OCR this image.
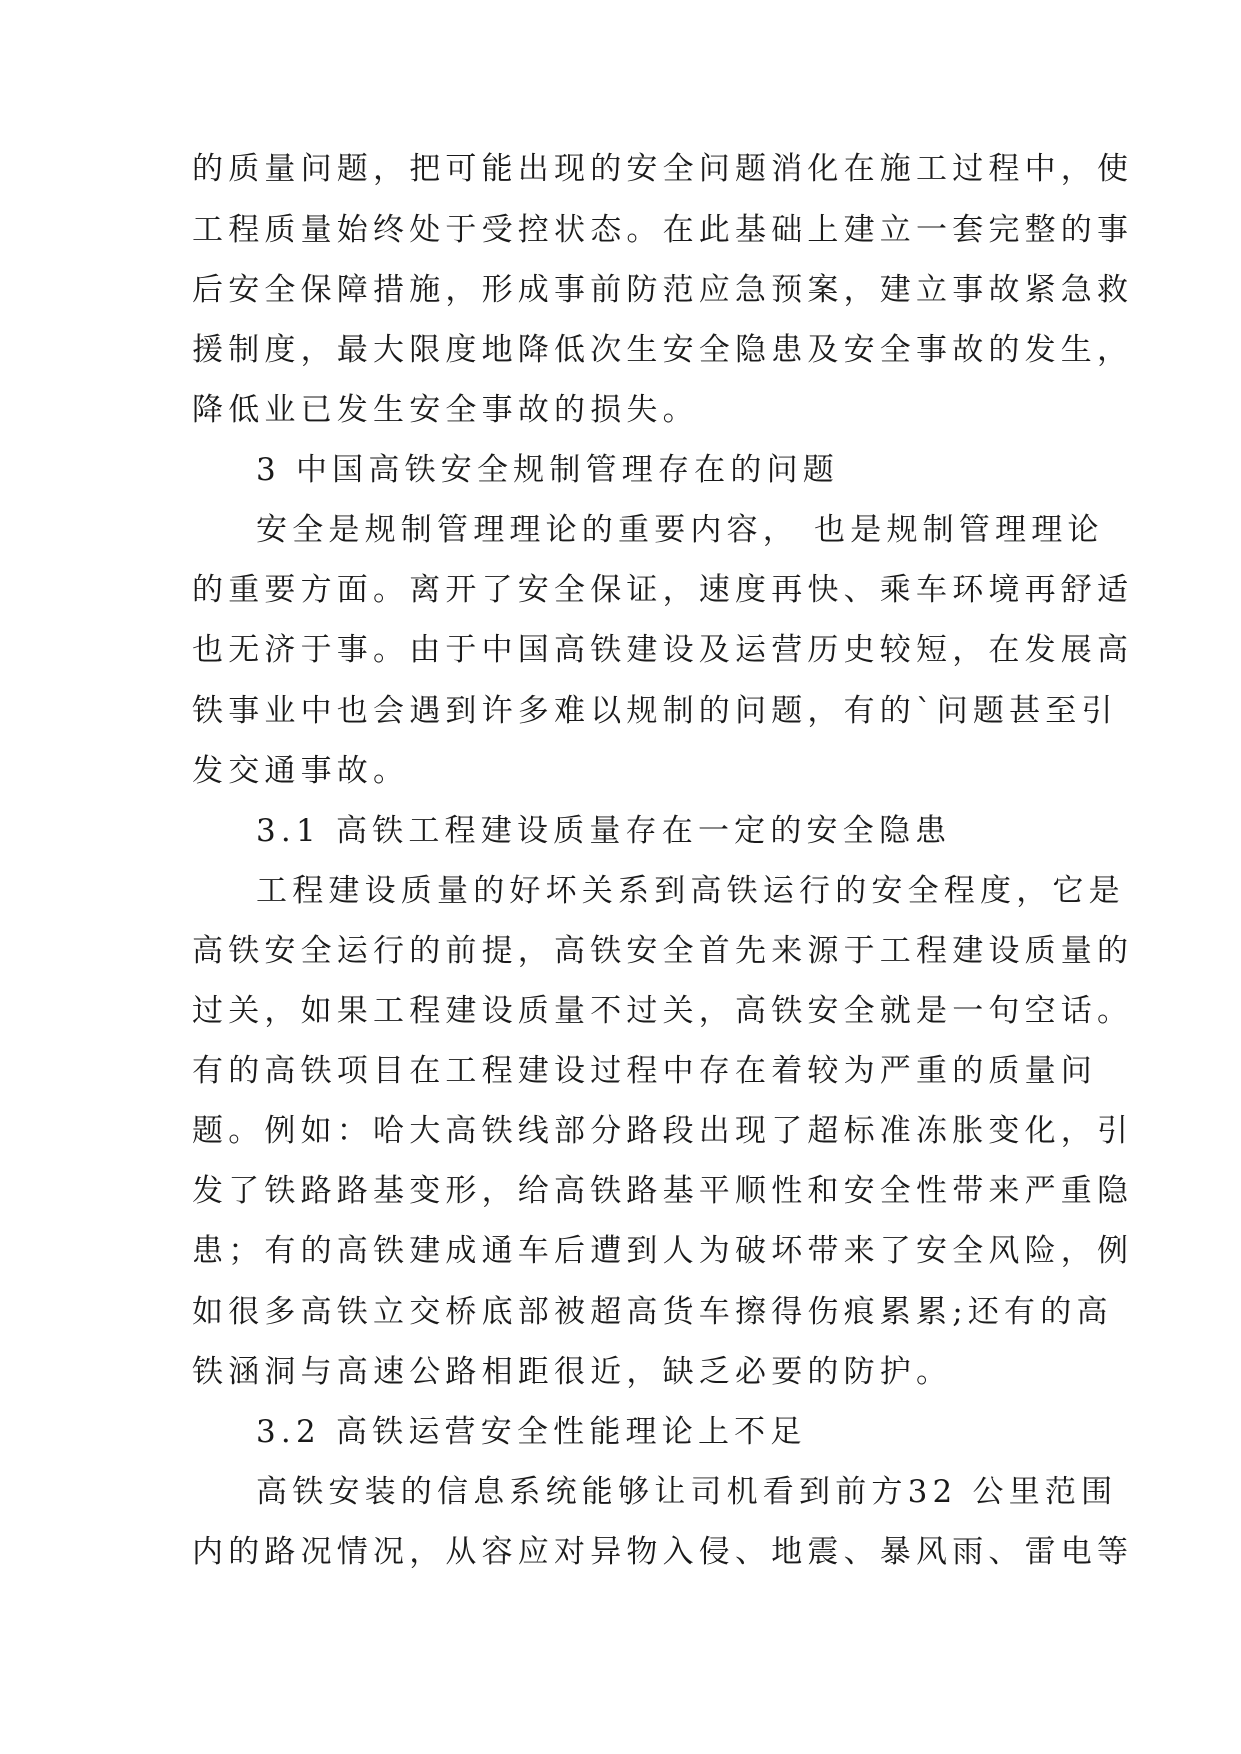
的质量问题，把可能出现的安全问题消化在施工过程中，使
工程质量始终处于受控状态。在此基础上建立一套完整的事
后安全保障措施，形成事前防范应急预案，建立事故紧急救
援制度，最大限度地降低次生安全隐患及安全事故的发生，
降低业已发生安全事故的损失。
3 中国高铁安全规制管理存在的问题
安全是规制管理理论的重要内容， 也是规制管理理论
的重要方面。离开了安全保证，速度再快、乘车环境再舒适
也无济于事。由于中国高铁建设及运营历史较短，在发展高
铁事业中也会遇到许多难以规制的问题，有的`问题甚至引
发交通事故。
3.1 高铁工程建设质量存在一定的安全隐患
工程建设质量的好坏关系到高铁运行的安全程度，它是
高铁安全运行的前提，高铁安全首先来源于工程建设质量的
过关，如果工程建设质量不过关，高铁安全就是一句空话。
有的高铁项目在工程建设过程中存在着较为严重的质量问
题。例如：哈大高铁线部分路段出现了超标准冻胀变化，引
发了铁路路基变形，给高铁路基平顺性和安全性带来严重隐
患；有的高铁建成通车后遭到人为破坏带来了安全风险，例
如很多高铁立交桥底部被超高货车擦得伤痕累累;还有的高
铁涵洞与高速公路相距很近，缺乏必要的防护。
3.2 高铁运营安全性能理论上不足
高铁安装的信息系统能够让司机看到前方32 公里范围
内的路况情况，从容应对异物入侵、地震、暴风雨、雷电等
